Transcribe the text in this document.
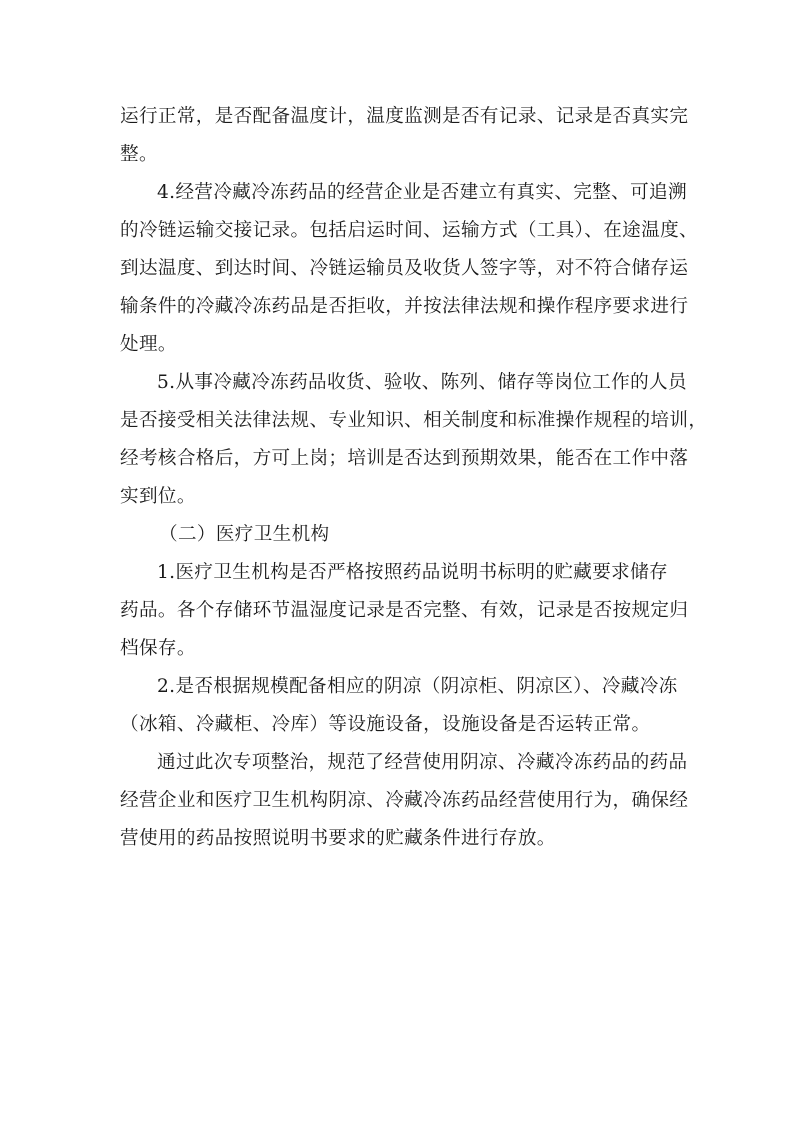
运行正常，是否配备温度计，温度监测是否有记录、记录是否真实完
整。
4.经营冷藏冷冻药品的经营企业是否建立有真实、完整、可追溯
的冷链运输交接记录。包括启运时间、运输方式（工具）、在途温度、
到达温度、到达时间、冷链运输员及收货人签字等，对不符合储存运
输条件的冷藏冷冻药品是否拒收，并按法律法规和操作程序要求进行
处理。
5.从事冷藏冷冻药品收货、验收、陈列、储存等岗位工作的人员
是否接受相关法律法规、专业知识、相关制度和标准操作规程的培训，
经考核合格后，方可上岗；培训是否达到预期效果，能否在工作中落
实到位。
（二）医疗卫生机构
1.医疗卫生机构是否严格按照药品说明书标明的贮藏要求储存
药品。各个存储环节温湿度记录是否完整、有效，记录是否按规定归
档保存。
2.是否根据规模配备相应的阴凉（阴凉柜、阴凉区）、冷藏冷冻
（冰箱、冷藏柜、冷库）等设施设备，设施设备是否运转正常。
通过此次专项整治，规范了经营使用阴凉、冷藏冷冻药品的药品
经营企业和医疗卫生机构阴凉、冷藏冷冻药品经营使用行为，确保经
营使用的药品按照说明书要求的贮藏条件进行存放。
